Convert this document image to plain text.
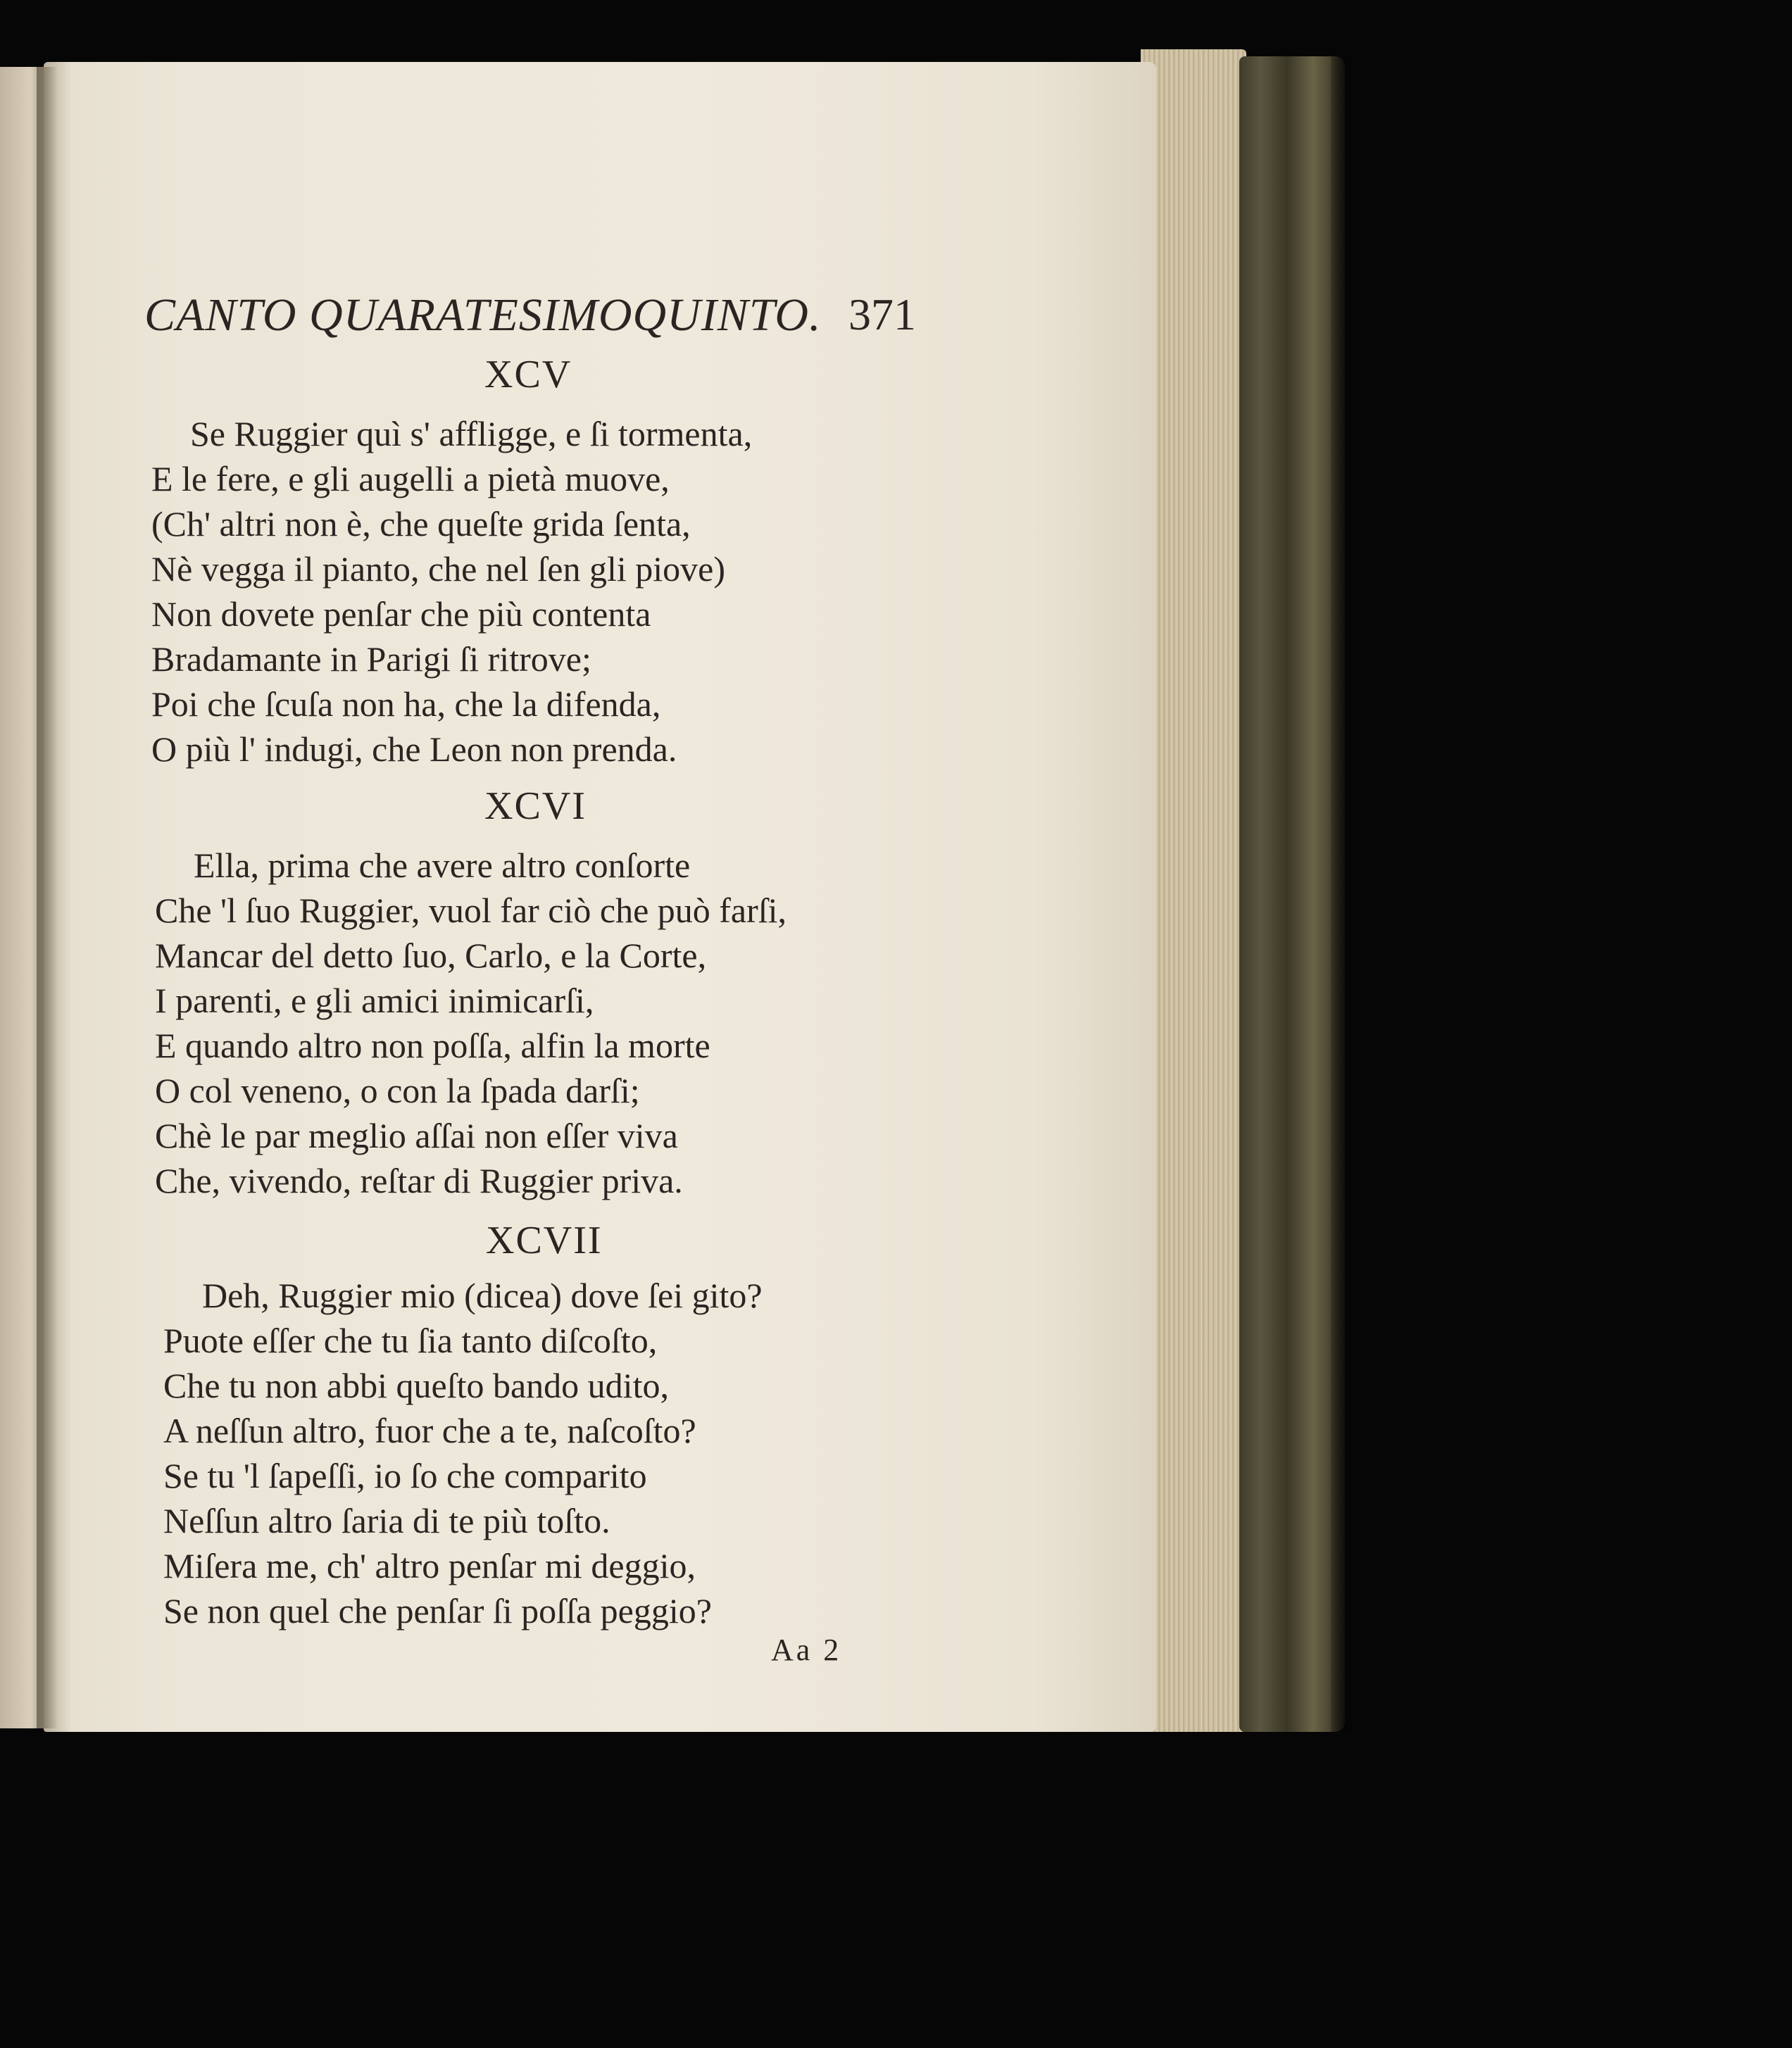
CANTO QUARATESIMOQUINTO. 371
XCV
Se Ruggier quì s' affligge, e ſi tormenta,
E le fere, e gli augelli a pietà muove,
(Ch' altri non è, che queſte grida ſenta,
Nè vegga il pianto, che nel ſen gli piove)
Non dovete penſar che più contenta
Bradamante in Parigi ſi ritrove;
Poi che ſcuſa non ha, che la difenda,
O più l' indugi, che Leon non prenda.
XCVI
Ella, prima che avere altro conſorte
Che 'l ſuo Ruggier, vuol far ciò che può farſi,
Mancar del detto ſuo, Carlo, e la Corte,
I parenti, e gli amici inimicarſi,
E quando altro non poſſa, alfin la morte
O col veneno, o con la ſpada darſi;
Chè le par meglio aſſai non eſſer viva
Che, vivendo, reſtar di Ruggier priva.
XCVII
Deh, Ruggier mio (dicea) dove ſei gito?
Puote eſſer che tu ſia tanto diſcoſto,
Che tu non abbi queſto bando udito,
A neſſun altro, fuor che a te, naſcoſto?
Se tu 'l ſapeſſi, io ſo che comparito
Neſſun altro ſaria di te più toſto.
Miſera me, ch' altro penſar mi deggio,
Se non quel che penſar ſi poſſa peggio?
Aa 2
